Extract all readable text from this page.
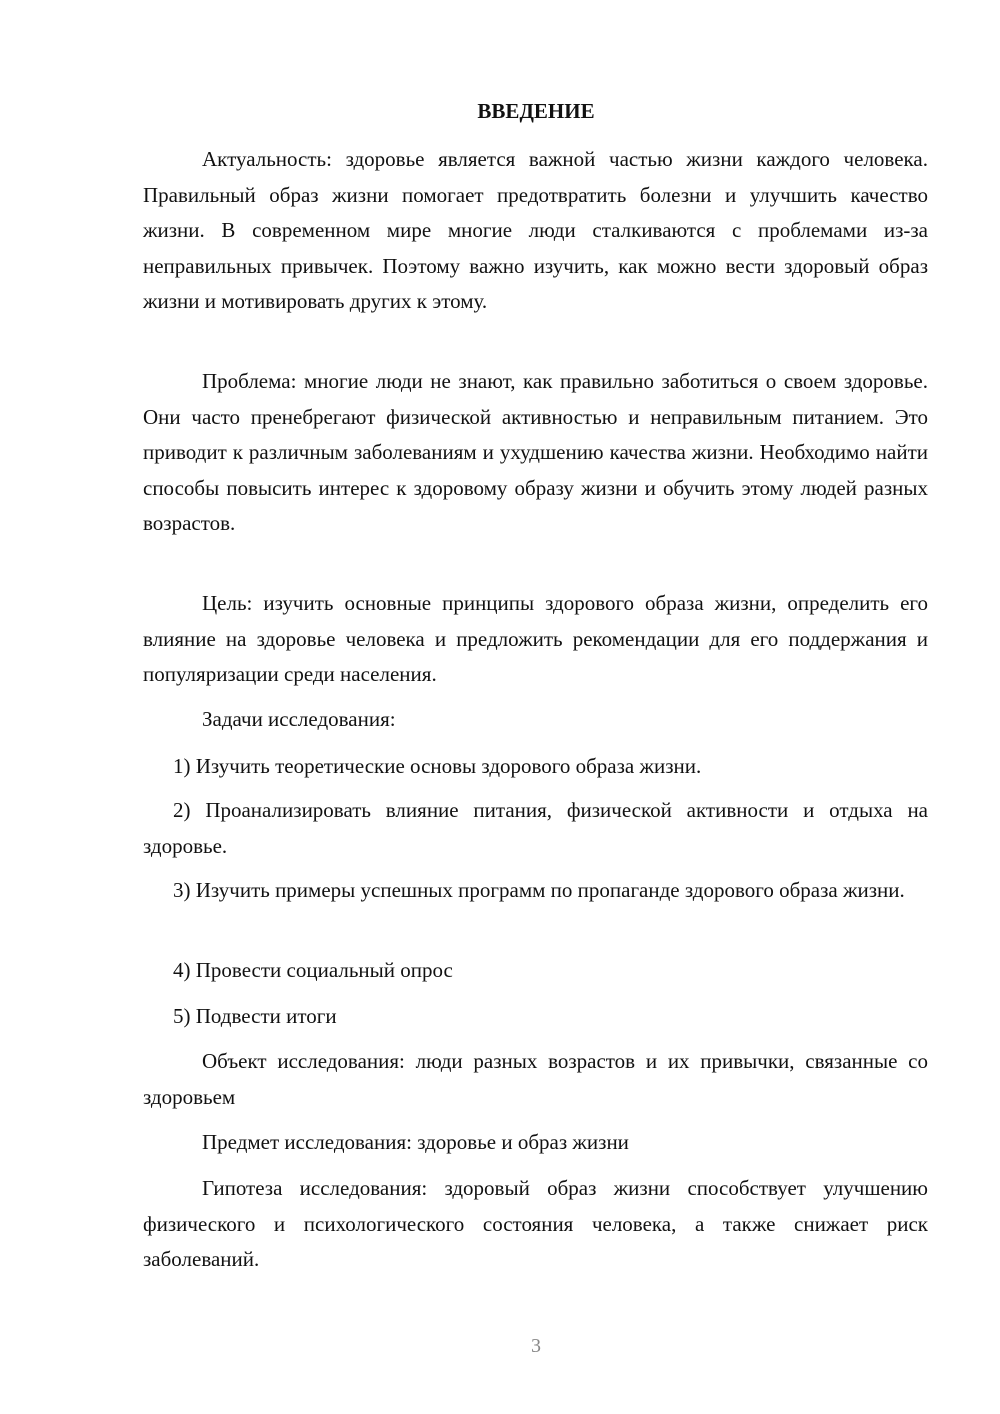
ВВЕДЕНИЕ
Актуальность: здоровье является важной частью жизни каждого человека. Правильный образ жизни помогает предотвратить болезни и улучшить качество жизни. В современном мире многие люди сталкиваются с проблемами из-за неправильных привычек. Поэтому важно изучить, как можно вести здоровый образ жизни и мотивировать других к этому.
Проблема: многие люди не знают, как правильно заботиться о своем здоровье. Они часто пренебрегают физической активностью и неправильным питанием. Это приводит к различным заболеваниям и ухудшению качества жизни. Необходимо найти способы повысить интерес к здоровому образу жизни и обучить этому людей разных возрастов.
Цель: изучить основные принципы здорового образа жизни, определить его влияние на здоровье человека и предложить рекомендации для его поддержания и популяризации среди населения.
Задачи исследования:
1) Изучить теоретические основы здорового образа жизни.
2) Проанализировать влияние питания, физической активности и отдыха на здоровье.
3) Изучить примеры успешных программ по пропаганде здорового образа жизни.
4) Провести социальный опрос
5) Подвести итоги
Объект исследования: люди разных возрастов и их привычки, связанные со здоровьем
Предмет исследования: здоровье и образ жизни
Гипотеза исследования: здоровый образ жизни способствует улучшению физического и психологического состояния человека, а также снижает риск заболеваний.
3
